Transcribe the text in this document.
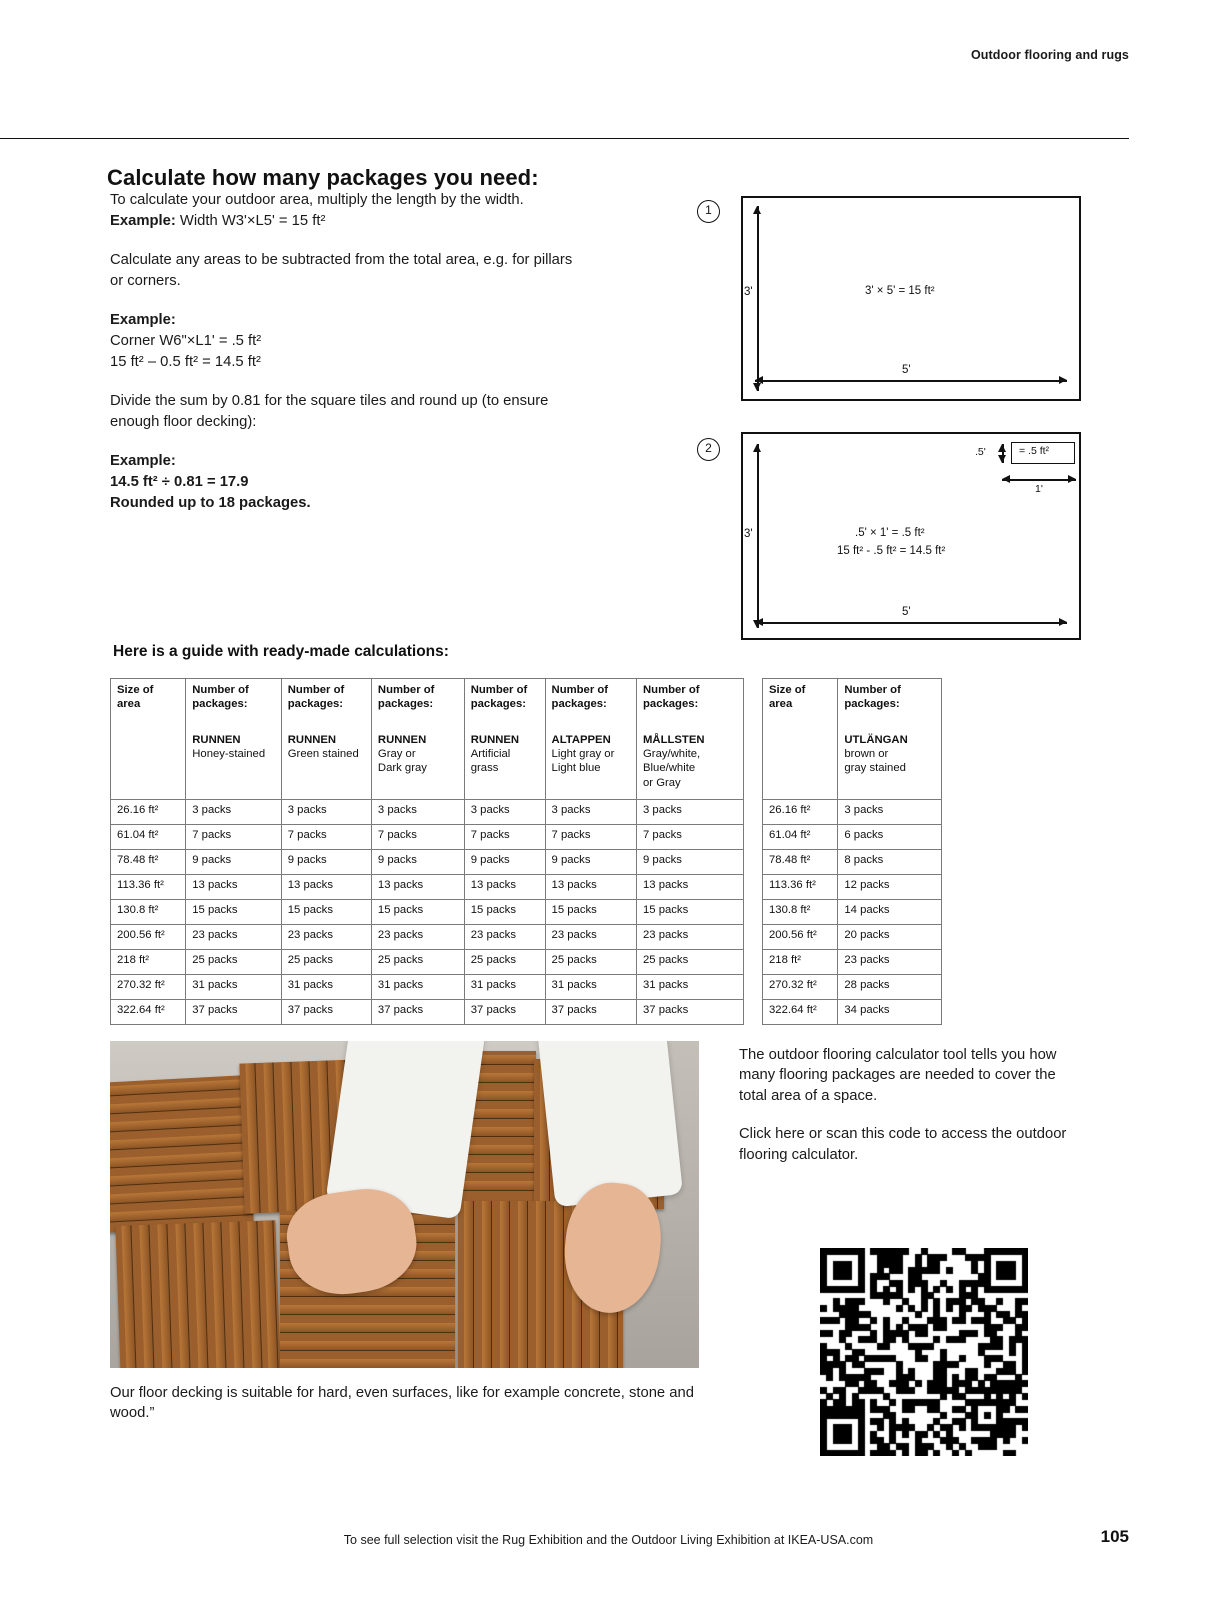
Outdoor flooring and rugs
Calculate how many packages you need:

To calculate your outdoor area, multiply the length by the width.
Example: Width W3'×L5' = 15 ft²

Calculate any areas to be subtracted from the total area, e.g. for pillars or corners.

Example:
Corner W6"×L1' = .5 ft²
15 ft² – 0.5 ft² = 14.5 ft²

Divide the sum by 0.81 for the square tiles and round up (to ensure enough floor decking):

Example:
14.5 ft² ÷ 0.81 = 17.9
Rounded up to 18 packages.

1
3'
5'
3' × 5' = 15 ft²
2
3'
5'
.5'	= .5 ft²
1'
.5' × 1' = .5 ft²
15 ft² - .5 ft² = 14.5 ft²
Here is a guide with ready-made calculations:
Size of
area

Number of
packages:
RUNNEN
Honey-stained

Number of
packages:
RUNNEN
Green stained

Number of
packages:
RUNNEN
Gray or
Dark gray

Number of
packages:
RUNNEN
Artificial
grass

Number of
packages:
ALTAPPEN
Light gray or
Light blue

Number of
packages:
MÅLLSTEN
Gray/white,
Blue/white
or Gray

26.16 ft²	3 packs	3 packs	3 packs	3 packs	3 packs	3 packs
61.04 ft²	7 packs	7 packs	7 packs	7 packs	7 packs	7 packs
78.48 ft²	9 packs	9 packs	9 packs	9 packs	9 packs	9 packs
113.36 ft²	13 packs	13 packs	13 packs	13 packs	13 packs	13 packs
130.8 ft²	15 packs	15 packs	15 packs	15 packs	15 packs	15 packs
200.56 ft²	23 packs	23 packs	23 packs	23 packs	23 packs	23 packs
218 ft²	25 packs	25 packs	25 packs	25 packs	25 packs	25 packs
270.32 ft²	31 packs	31 packs	31 packs	31 packs	31 packs	31 packs
322.64 ft²	37 packs	37 packs	37 packs	37 packs	37 packs	37 packs
Size of
area

Number of
packages:
UTLÄNGAN
brown or
gray stained

26.16 ft²	3 packs
61.04 ft²	6 packs
78.48 ft²	8 packs
113.36 ft²	12 packs
130.8 ft²	14 packs
200.56 ft²	20 packs
218 ft²	23 packs
270.32 ft²	28 packs
322.64 ft²	34 packs
Our floor decking is suitable for hard, even surfaces, like for example concrete, stone and wood.”

The outdoor flooring calculator tool tells you how many flooring packages are needed to cover the total area of a space.

Click here or scan this code to access the outdoor flooring calculator.

To see full selection visit the Rug Exhibition and the Outdoor Living Exhibition at IKEA-USA.com	105
